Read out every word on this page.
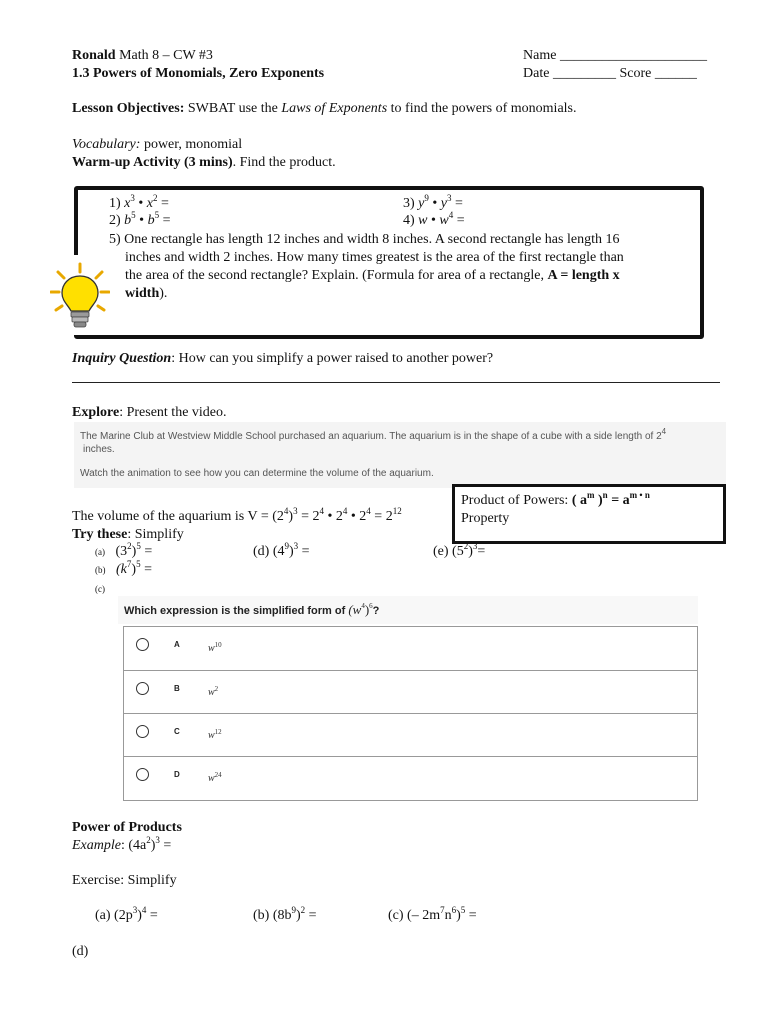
Ronald Math 8 – CW #3
1.3 Powers of Monomials, Zero Exponents
Name _____________________
Date _________ Score ______
Lesson Objectives: SWBAT use the Laws of Exponents to find the powers of monomials.
Vocabulary: power, monomial
Warm-up Activity (3 mins). Find the product.
1) $x^3$ • $x^2$ =
2) $b^5$ • $b^5$ =
3) $y^9$ • $y^3$ =
4) w • $w^4$ =
5) One rectangle has length 12 inches and width 8 inches. A second rectangle has length 16
inches and width 2 inches. How many times greatest is the area of the first rectangle than
the area of the second rectangle? Explain. (Formula for area of a rectangle, A = length x
width).
Inquiry Question: How can you simplify a power raised to another power?
Explore: Present the video.
The Marine Club at Westview Middle School purchased an aquarium. The aquarium is in the shape of a cube with a side length of $2^4$
inches.
Watch the animation to see how you can determine the volume of the aquarium.
Product of Powers: ( $a^m$ )$^n = a^{m • n}$
Property
The volume of the aquarium is $V = (2^4)^3 = 2^4$ • $2^4$ • $2^4 = 2^{12}$
Try these: Simplify
(a) $(3^2)^5$ =
(b) $(k^7)^5$ =
(c)
(d) $(4^9)^3$ =	(e) $(5^2)^3=$
Which expression is the simplified form of $(w^4)^6$?
A	$w^{10}$
B	$w^2$
C	$w^{12}$
D	$w^{24}$
Power of Products
Example: $(4a^2)^3$ =
Exercise: Simplify
(a) $(2p^3)^4$ =	(b) $(8b^9)^2$ =	(c) (– $2m^7n^6)^5$ =
(d)
